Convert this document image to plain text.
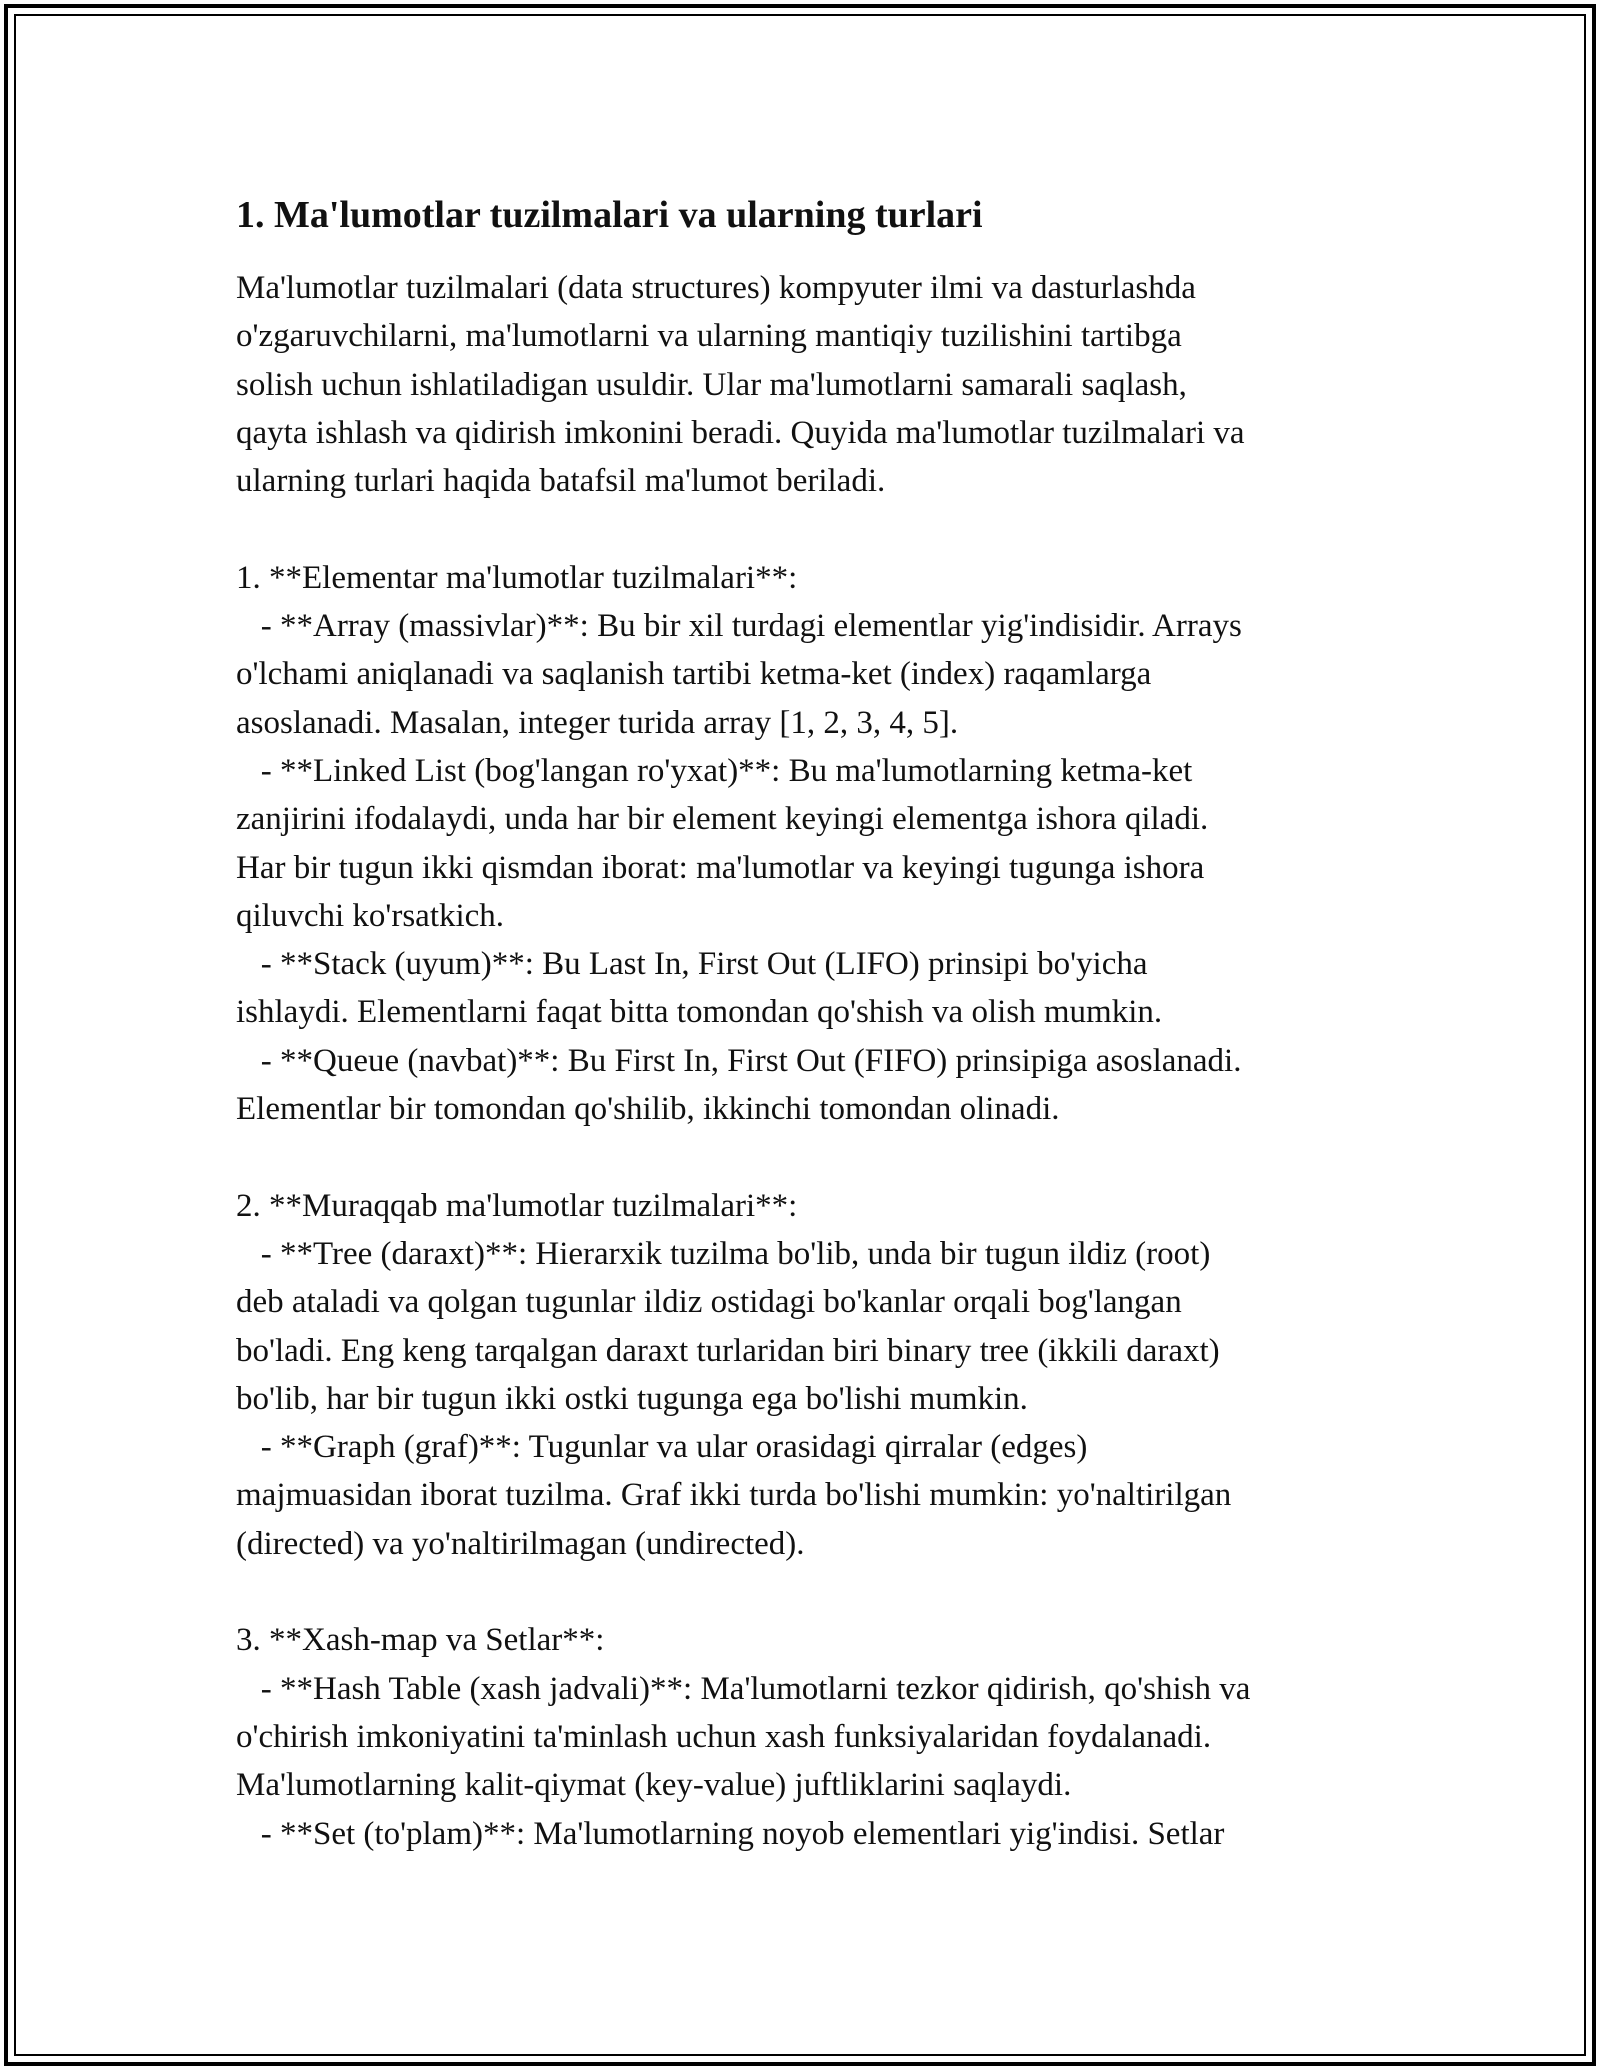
1. Ma'lumotlar tuzilmalari va ularning turlari

Ma'lumotlar tuzilmalari (data structures) kompyuter ilmi va dasturlashda

o'zgaruvchilarni, ma'lumotlarni va ularning mantiqiy tuzilishini tartibga

solish uchun ishlatiladigan usuldir. Ular ma'lumotlarni samarali saqlash,

qayta ishlash va qidirish imkonini beradi. Quyida ma'lumotlar tuzilmalari va

ularning turlari haqida batafsil ma'lumot beriladi.

1. **Elementar ma'lumotlar tuzilmalari**:

- **Array (massivlar)**: Bu bir xil turdagi elementlar yig'indisidir. Arrays

o'lchami aniqlanadi va saqlanish tartibi ketma-ket (index) raqamlarga

asoslanadi. Masalan, integer turida array [1, 2, 3, 4, 5].

- **Linked List (bog'langan ro'yxat)**: Bu ma'lumotlarning ketma-ket

zanjirini ifodalaydi, unda har bir element keyingi elementga ishora qiladi.

Har bir tugun ikki qismdan iborat: ma'lumotlar va keyingi tugunga ishora

qiluvchi ko'rsatkich.

- **Stack (uyum)**: Bu Last In, First Out (LIFO) prinsipi bo'yicha

ishlaydi. Elementlarni faqat bitta tomondan qo'shish va olish mumkin.

- **Queue (navbat)**: Bu First In, First Out (FIFO) prinsipiga asoslanadi.

Elementlar bir tomondan qo'shilib, ikkinchi tomondan olinadi.

2. **Muraqqab ma'lumotlar tuzilmalari**:

- **Tree (daraxt)**: Hierarxik tuzilma bo'lib, unda bir tugun ildiz (root)

deb ataladi va qolgan tugunlar ildiz ostidagi bo'kanlar orqali bog'langan

bo'ladi. Eng keng tarqalgan daraxt turlaridan biri binary tree (ikkili daraxt)

bo'lib, har bir tugun ikki ostki tugunga ega bo'lishi mumkin.

- **Graph (graf)**: Tugunlar va ular orasidagi qirralar (edges)

majmuasidan iborat tuzilma. Graf ikki turda bo'lishi mumkin: yo'naltirilgan

(directed) va yo'naltirilmagan (undirected).

3. **Xash-map va Setlar**:

- **Hash Table (xash jadvali)**: Ma'lumotlarni tezkor qidirish, qo'shish va

o'chirish imkoniyatini ta'minlash uchun xash funksiyalaridan foydalanadi.

Ma'lumotlarning kalit-qiymat (key-value) juftliklarini saqlaydi.

- **Set (to'plam)**: Ma'lumotlarning noyob elementlari yig'indisi. Setlar
